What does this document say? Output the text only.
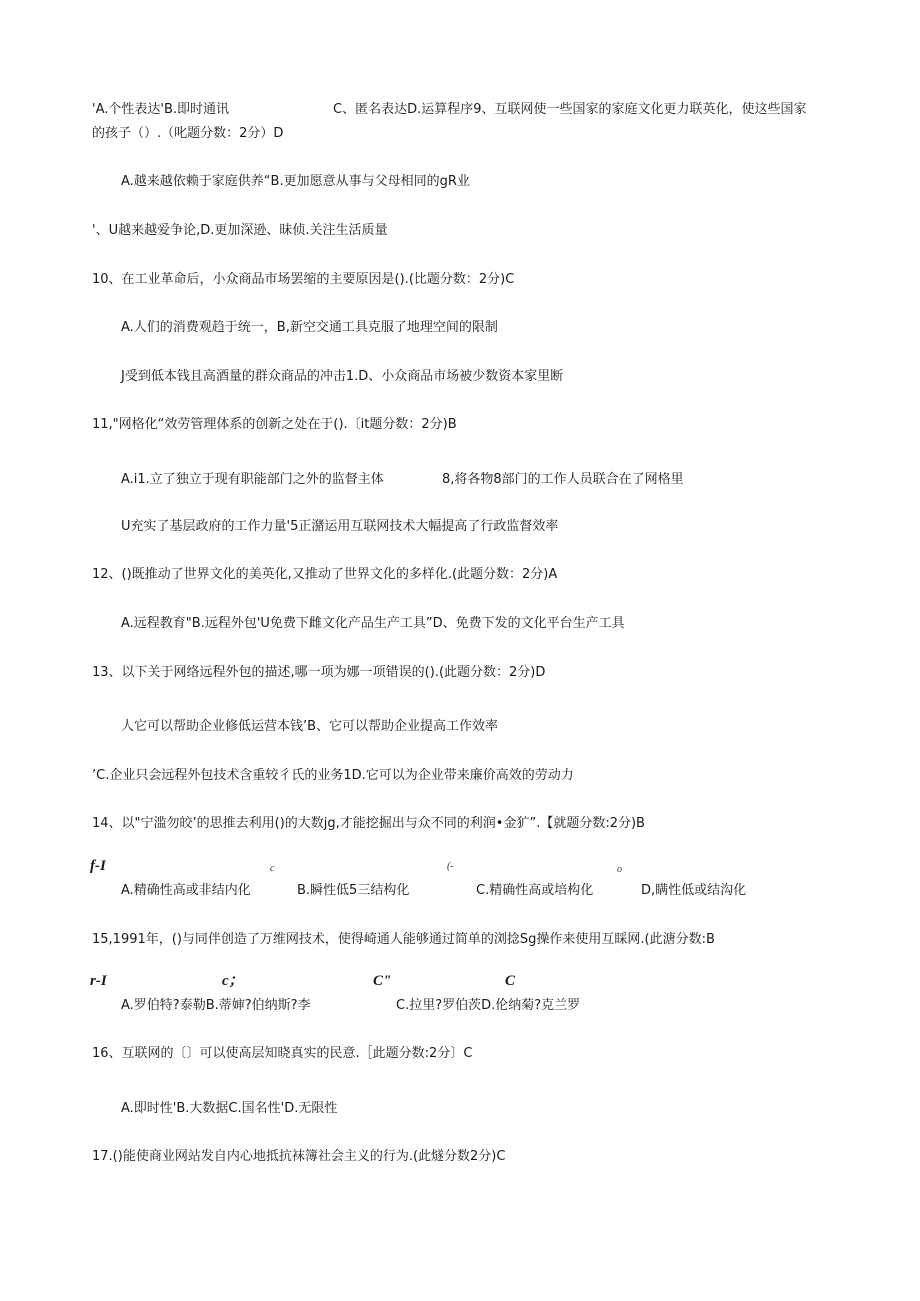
'A.个性表达'B.即时通讯	C、匿名表达D.运算程序9、互联网使一些国家的家庭文化更力联英化，使这些国家
的孩子（）.（叱题分数：2分）D
A.越来越依赖于家庭供养“B.更加愿意从事与父母相同的gR业
'、U越来越爱争论,D.更加深逊、昧侦.关注生活质量
10、在工业革命后，小众商品市场罢缩的主要原因是().(比题分数：2分)C
A.人们的消费观趋于统一，B,新空交通工具克服了地理空间的限制
J受到低本钱且高酒量的群众商品的冲击1.D、小众商品市场被少数资本家里断
11,"网格化“效劳管理体系的创新之处在于().〔it题分数：2分)B
A.i1.立了独立于现有职能部门之外的监督主体	8,将各物8部门的工作人员联合在了网格里
U充实了基层政府的工作力量'5正潴运用互联网技术大幅提高了行政监督效率
12、()既推动了世界文化的美英化,又推动了世界文化的多样化.(此题分数：2分)A
A.远程教育"B.远程外包'U免费下雌文化产品生产工具”D、免费下发的文化平台生产工具
13、以下关于网络远程外包的描述,哪一项为娜一项错误的().(此题分数：2分)D
人它可以帮助企业修低运营本钱’B、它可以帮助企业提高工作效率
’C.企业只会远程外包技术含重较彳氏的业务1D.它可以为企业带来廉价高效的劳动力
14、以"宁滥勿皎’的思推去利用()的大数jg,才能挖掘出与众不同的利润•金犷”.【就题分数:2分)B
f-I	c	(-	o
A.精确性高或非结内化	B.瞬性低5三结构化	C.精确性高或培构化	D,瞒性低或结沟化
15,1991年，()与同伴创造了万维网技术，使得崎通人能够通过简单的浏捻Sg操作来使用互睬网.(此溏分数:B
r-I	c；	C"	C
A.罗伯特?泰勒B.蒂婶?伯纳斯?李	C.拉里?罗伯茨D.伦纳菊?克兰罗
16、互联网的〔〕可以使高层知晓真实的民意.［此题分数:2分〕C
A.即时性'B.大数据C.国名性'D.无限性
17.()能使商业网站发自内心地抵抗袜簿社会主义的行为.(此燧分数2分)C
